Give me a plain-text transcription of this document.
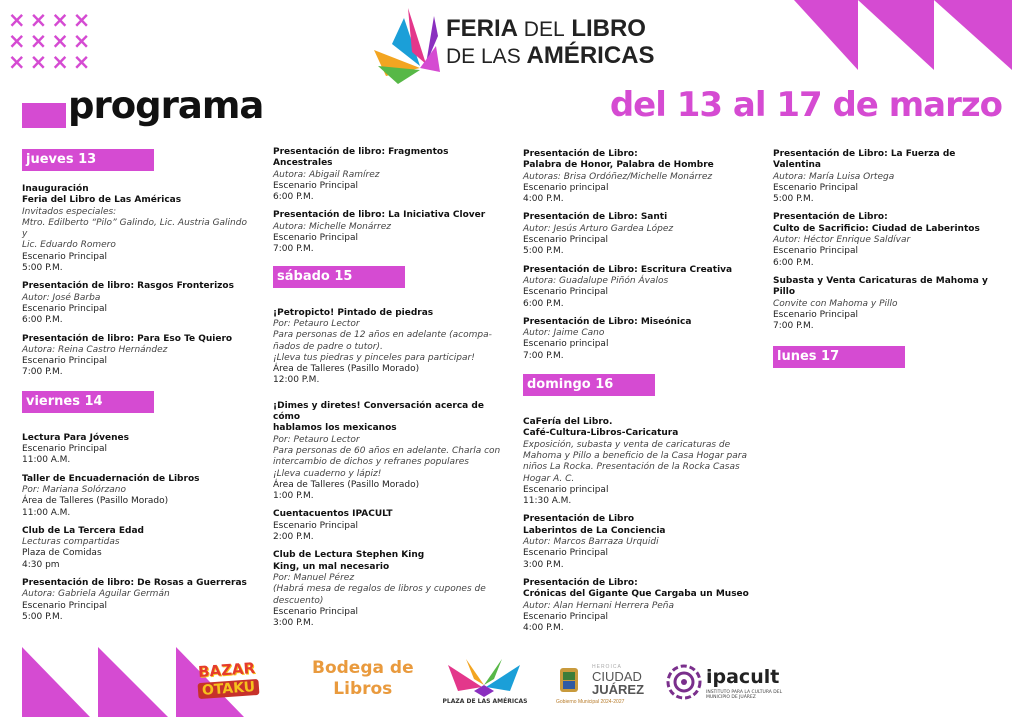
××××
××××
××××
FERIA DEL LIBRO
DE LAS AMÉRICAS
programa	del 13 al 17 de marzo
jueves 13
Inauguración
Feria del Libro de Las Américas
Invitados especiales:
Mtro. Edilberto “Pilo” Galindo, Lic. Austria Galindo y
Lic. Eduardo Romero
Escenario Principal
5:00 P.M.
Presentación de libro: Rasgos Fronterizos
Autor: José Barba
Escenario Principal
6:00 P.M.
Presentación de libro: Para Eso Te Quiero
Autora: Reina Castro Hernández
Escenario Principal
7:00 P.M.
viernes 14
Lectura Para Jóvenes
Escenario Principal
11:00 A.M.
Taller de Encuadernación de Libros
Por: Mariana Solórzano
Área de Talleres (Pasillo Morado)
11:00 A.M.
Club de La Tercera Edad
Lecturas compartidas
Plaza de Comidas
4:30 pm
Presentación de libro: De Rosas a Guerreras
Autora: Gabriela Aguilar Germán
Escenario Principal
5:00 P.M.
Presentación de libro: Fragmentos Ancestrales
Autora: Abigail Ramírez
Escenario Principal
6:00 P.M.
Presentación de libro: La Iniciativa Clover
Autora: Michelle Monárrez
Escenario Principal
7:00 P.M.
sábado 15
¡Petropicto! Pintado de piedras
Por: Petauro Lector
Para personas de 12 años en adelante (acompa-
ñados de padre o tutor).
¡Lleva tus piedras y pinceles para participar!
Área de Talleres (Pasillo Morado)
12:00 P.M.
¡Dimes y diretes! Conversación acerca de cómo
hablamos los mexicanos
Por: Petauro Lector
Para personas de 60 años en adelante. Charla con
intercambio de dichos y refranes populares
¡Lleva cuaderno y lápiz!
Área de Talleres (Pasillo Morado)
1:00 P.M.
Cuentacuentos IPACULT
Escenario Principal
2:00 P.M.
Club de Lectura Stephen King
King, un mal necesario
Por: Manuel Pérez
(Habrá mesa de regalos de libros y cupones de
descuento)
Escenario Principal
3:00 P.M.
Presentación de Libro:
Palabra de Honor, Palabra de Hombre
Autoras: Brisa Ordóñez/Michelle Monárrez
Escenario principal
4:00 P.M.
Presentación de Libro: Santi
Autor: Jesús Arturo Gardea López
Escenario Principal
5:00 P.M.
Presentación de Libro: Escritura Creativa
Autora: Guadalupe Piñón Ávalos
Escenario Principal
6:00 P.M.
Presentación de Libro: Miseónica
Autor: Jaime Cano
Escenario principal
7:00 P.M.
domingo 16
CaFería del Libro.
Café-Cultura-Libros-Caricatura
Exposición, subasta y venta de caricaturas de
Mahoma y Pillo a beneficio de la Casa Hogar para
niños La Rocka. Presentación de la Rocka Casas
Hogar A. C.
Escenario principal
11:30 A.M.
Presentación de Libro
Laberintos de La Conciencia
Autor: Marcos Barraza Urquidi
Escenario Principal
3:00 P.M.
Presentación de Libro:
Crónicas del Gigante Que Cargaba un Museo
Autor: Alan Hernani Herrera Peña
Escenario Principal
4:00 P.M.
Presentación de Libro: La Fuerza de Valentina
Autora: María Luisa Ortega
Escenario Principal
5:00 P.M.
Presentación de Libro:
Culto de Sacrificio: Ciudad de Laberintos
Autor: Héctor Enrique Saldívar
Escenario Principal
6:00 P.M.
Subasta y Venta Caricaturas de Mahoma y Pillo
Convite con Mahoma y Pillo
Escenario Principal
7:00 P.M.
lunes 17
BAZAR
OTAKU
Bodega de
Libros
PLAZA DE LAS AMÉRICAS
HEROICA
CIUDAD
JUÁREZ
Gobierno Municipal 2024-2027
ipacult
INSTITUTO PARA LA CULTURA DEL MUNICIPIO DE JUÁREZ
